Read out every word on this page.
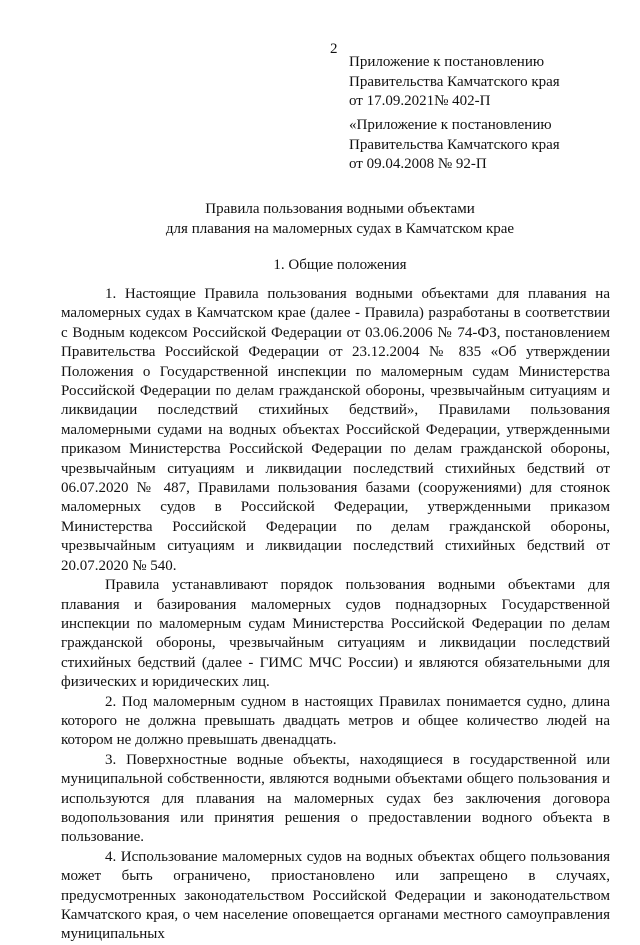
2
Приложение к постановлению
Правительства Камчатского края
от 17.09.2021№ 402-П
«Приложение к постановлению
Правительства Камчатского края
от 09.04.2008 № 92-П
Правила пользования водными объектами
для плавания на маломерных судах в Камчатском крае
1. Общие положения

1. Настоящие Правила пользования водными объектами для плавания на маломерных судах в Камчатском крае (далее - Правила) разработаны в соответствии с Водным кодексом Российской Федерации от 03.06.2006 № 74-ФЗ, постановлением Правительства Российской Федерации от 23.12.2004 № 835 «Об утверждении Положения о Государственной инспекции по маломерным судам Министерства Российской Федерации по делам гражданской обороны, чрезвычайным ситуациям и ликвидации последствий стихийных бедствий», Правилами пользования маломерными судами на водных объектах Российской Федерации, утвержденными приказом Министерства Российской Федерации по делам гражданской обороны, чрезвычайным ситуациям и ликвидации последствий стихийных бедствий от 06.07.2020 № 487, Правилами пользования базами (сооружениями) для стоянок маломерных судов в Российской Федерации, утвержденными приказом Министерства Российской Федерации по делам гражданской обороны, чрезвычайным ситуациям и ликвидации последствий стихийных бедствий от 20.07.2020 № 540.

Правила устанавливают порядок пользования водными объектами для плавания и базирования маломерных судов поднадзорных Государственной инспекции по маломерным судам Министерства Российской Федерации по делам гражданской обороны, чрезвычайным ситуациям и ликвидации последствий стихийных бедствий (далее - ГИМС МЧС России) и являются обязательными для физических и юридических лиц.

2. Под маломерным судном в настоящих Правилах понимается судно, длина которого не должна превышать двадцать метров и общее количество людей на котором не должно превышать двенадцать.

3. Поверхностные водные объекты, находящиеся в государственной или муниципальной собственности, являются водными объектами общего пользования и используются для плавания на маломерных судах без заключения договора водопользования или принятия решения о предоставлении водного объекта в пользование.

4. Использование маломерных судов на водных объектах общего пользования может быть ограничено, приостановлено или запрещено в случаях, предусмотренных законодательством Российской Федерации и законодательством Камчатского края, о чем население оповещается органами местного самоуправления муниципальных
